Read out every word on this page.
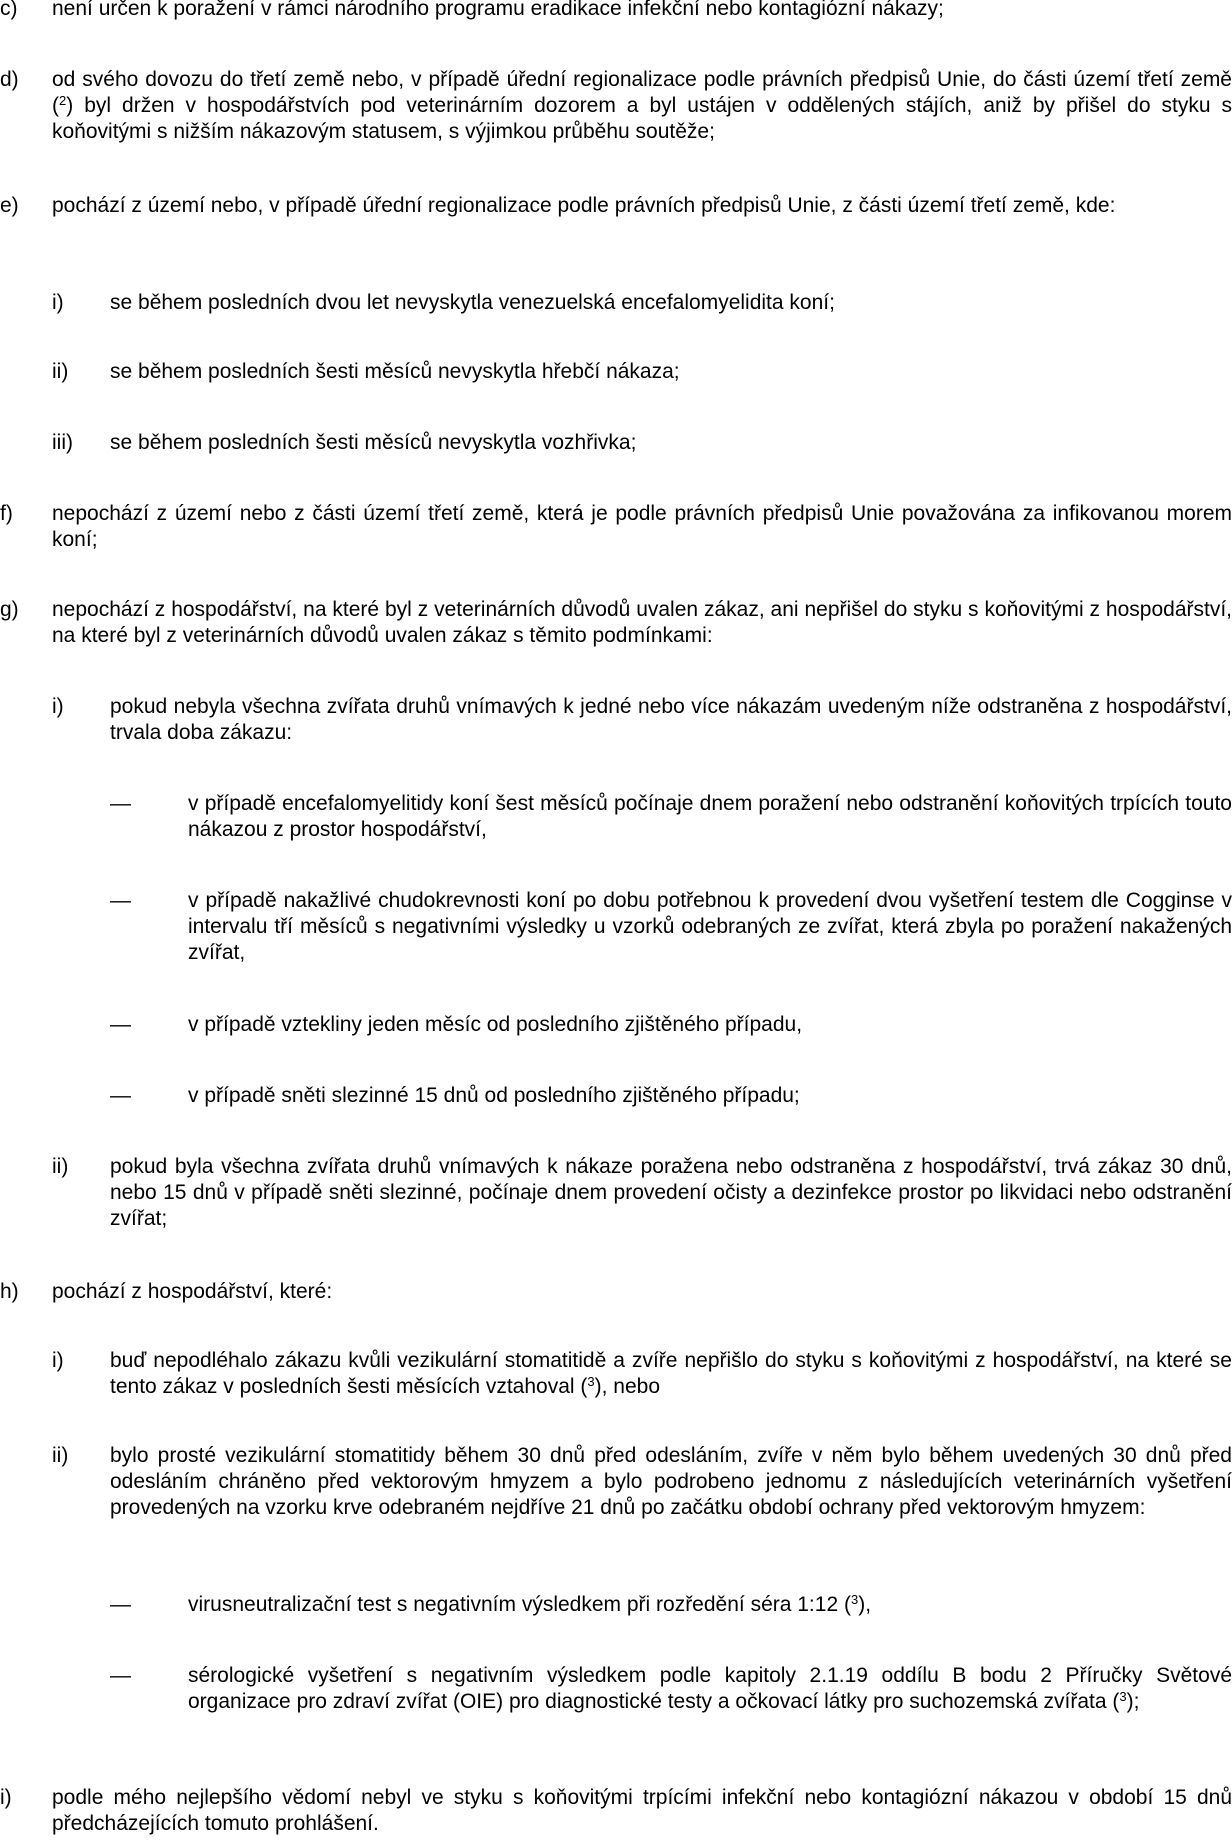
c) není určen k poražení v rámci národního programu eradikace infekční nebo kontagiózní nákazy;
d) od svého dovozu do třetí země nebo, v případě úřední regionalizace podle právních předpisů Unie, do části území třetí země ($^2$) byl držen v hospodářstvích pod veterinárním dozorem a byl ustájen v oddělených stájích, aniž by přišel do styku s koňovitými s nižším nákazovým statusem, s výjimkou průběhu soutěže;
e) pochází z území nebo, v případě úřední regionalizace podle právních předpisů Unie, z části území třetí země, kde:
i) se během posledních dvou let nevyskytla venezuelská encefalomyelidita koní;
ii) se během posledních šesti měsíců nevyskytla hřebčí nákaza;
iii) se během posledních šesti měsíců nevyskytla vozhřivka;
f) nepochází z území nebo z části území třetí země, která je podle právních předpisů Unie považována za infikovanou morem koní;
g) nepochází z hospodářství, na které byl z veterinárních důvodů uvalen zákaz, ani nepřišel do styku s koňovitými z hospodářství, na které byl z veterinárních důvodů uvalen zákaz s těmito podmínkami:
i) pokud nebyla všechna zvířata druhů vnímavých k jedné nebo více nákazám uvedeným níže odstraněna z hospodářství, trvala doba zákazu:
—	v případě encefalomyelitidy koní šest měsíců počínaje dnem poražení nebo odstranění koňovitých trpících touto nákazou z prostor hospodářství,
—	v případě nakažlivé chudokrevnosti koní po dobu potřebnou k provedení dvou vyšetření testem dle Cogginse v intervalu tří měsíců s negativními výsledky u vzorků odebraných ze zvířat, která zbyla po poražení nakažených zvířat,
—	v případě vztekliny jeden měsíc od posledního zjištěného případu,
—	v případě sněti slezinné 15 dnů od posledního zjištěného případu;
ii) pokud byla všechna zvířata druhů vnímavých k nákaze poražena nebo odstraněna z hospodářství, trvá zákaz 30 dnů, nebo 15 dnů v případě sněti slezinné, počínaje dnem provedení očisty a dezinfekce prostor po likvidaci nebo odstranění zvířat;
h) pochází z hospodářství, které:
i) buď nepodléhalo zákazu kvůli vezikulární stomatitidě a zvíře nepřišlo do styku s koňovitými z hospodářství, na které se tento zákaz v posledních šesti měsících vztahoval ($^3$), nebo
ii) bylo prosté vezikulární stomatitidy během 30 dnů před odesláním, zvíře v něm bylo během uvedených 30 dnů před odesláním chráněno před vektorovým hmyzem a bylo podrobeno jednomu z následujících veterinárních vyšetření provedených na vzorku krve odebraném nejdříve 21 dnů po začátku období ochrany před vektorovým hmyzem:
—	virusneutralizační test s negativním výsledkem při rozředění séra 1:12 ($^3$),
—	sérologické vyšetření s negativním výsledkem podle kapitoly 2.1.19 oddílu B bodu 2 Příručky Světové organizace pro zdraví zvířat (OIE) pro diagnostické testy a očkovací látky pro suchozemská zvířata ($^3$);
i) podle mého nejlepšího vědomí nebyl ve styku s koňovitými trpícími infekční nebo kontagiózní nákazou v období 15 dnů předcházejících tomuto prohlášení.
